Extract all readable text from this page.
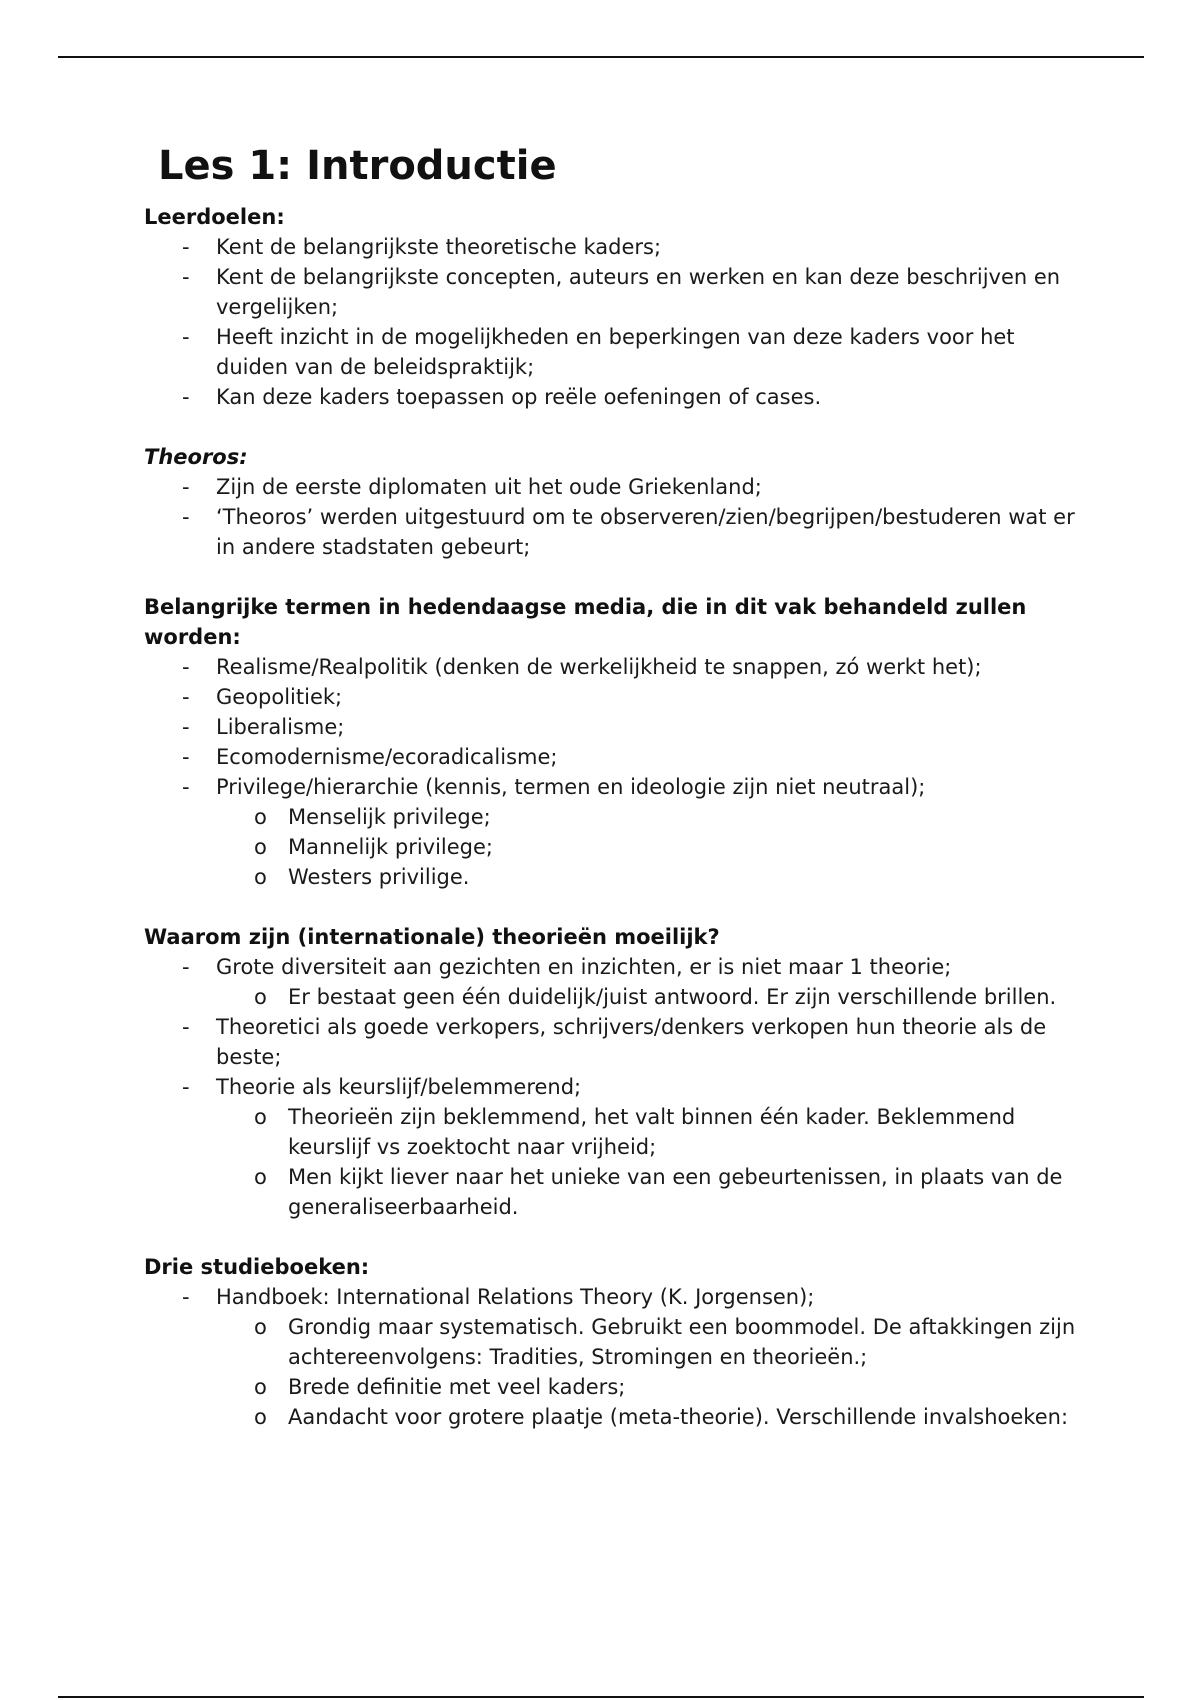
Les 1: Introductie
Leerdoelen:
- Kent de belangrijkste theoretische kaders;
- Kent de belangrijkste concepten, auteurs en werken en kan deze beschrijven en vergelijken;
- Heeft inzicht in de mogelijkheden en beperkingen van deze kaders voor het duiden van de beleidspraktijk;
- Kan deze kaders toepassen op reële oefeningen of cases.
Theoros:
- Zijn de eerste diplomaten uit het oude Griekenland;
- ‘Theoros’ werden uitgestuurd om te observeren/zien/begrijpen/bestuderen wat er in andere stadstaten gebeurt;
Belangrijke termen in hedendaagse media, die in dit vak behandeld zullen worden:
- Realisme/Realpolitik (denken de werkelijkheid te snappen, zó werkt het);
- Geopolitiek;
- Liberalisme;
- Ecomodernisme/ecoradicalisme;
- Privilege/hierarchie (kennis, termen en ideologie zijn niet neutraal);
o Menselijk privilege;
o Mannelijk privilege;
o Westers privilige.
Waarom zijn (internationale) theorieën moeilijk?
- Grote diversiteit aan gezichten en inzichten, er is niet maar 1 theorie;
o Er bestaat geen één duidelijk/juist antwoord. Er zijn verschillende brillen.
- Theoretici als goede verkopers, schrijvers/denkers verkopen hun theorie als de beste;
- Theorie als keurslijf/belemmerend;
o Theorieën zijn beklemmend, het valt binnen één kader. Beklemmend keurslijf vs zoektocht naar vrijheid;
o Men kijkt liever naar het unieke van een gebeurtenissen, in plaats van de generaliseerbaarheid.
Drie studieboeken:
- Handboek: International Relations Theory (K. Jorgensen);
o Grondig maar systematisch. Gebruikt een boommodel. De aftakkingen zijn achtereenvolgens: Tradities, Stromingen en theorieën.;
o Brede definitie met veel kaders;
o Aandacht voor grotere plaatje (meta-theorie). Verschillende invalshoeken:
